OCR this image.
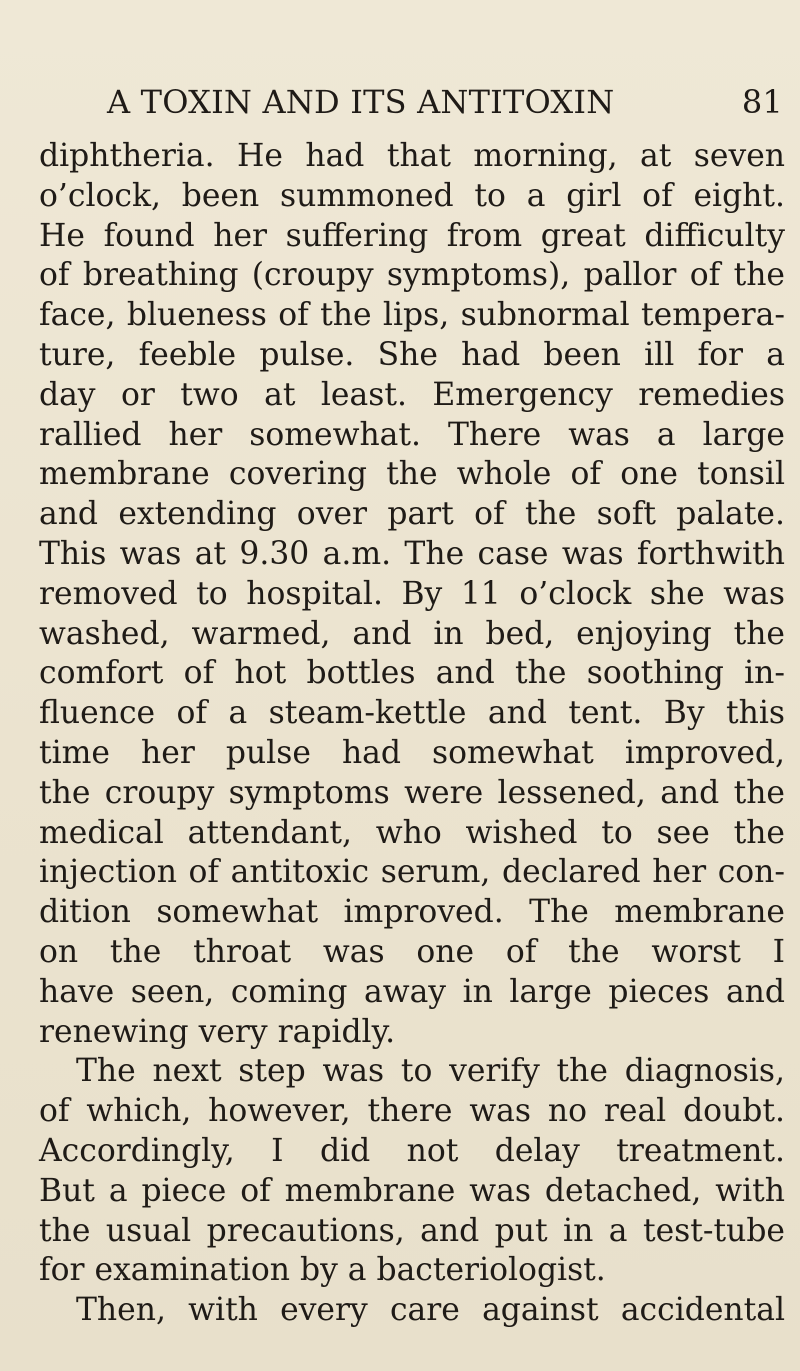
A TOXIN AND ITS ANTITOXIN	81
diphtheria. He had that morning, at seven
o’clock, been summoned to a girl of eight.
He found her suffering from great difficulty
of breathing (croupy symptoms), pallor of the
face, blueness of the lips, subnormal tempera-
ture, feeble pulse. She had been ill for a
day or two at least. Emergency remedies
rallied her somewhat. There was a large
membrane covering the whole of one tonsil
and extending over part of the soft palate.
This was at 9.30 a.m. The case was forthwith
removed to hospital. By 11 o’clock she was
washed, warmed, and in bed, enjoying the
comfort of hot bottles and the soothing in-
fluence of a steam-kettle and tent. By this
time her pulse had somewhat improved,
the croupy symptoms were lessened, and the
medical attendant, who wished to see the
injection of antitoxic serum, declared her con-
dition somewhat improved. The membrane
on the throat was one of the worst I
have seen, coming away in large pieces and
renewing very rapidly.
The next step was to verify the diagnosis,
of which, however, there was no real doubt.
Accordingly, I did not delay treatment.
But a piece of membrane was detached, with
the usual precautions, and put in a test-tube
for examination by a bacteriologist.
Then, with every care against accidental
